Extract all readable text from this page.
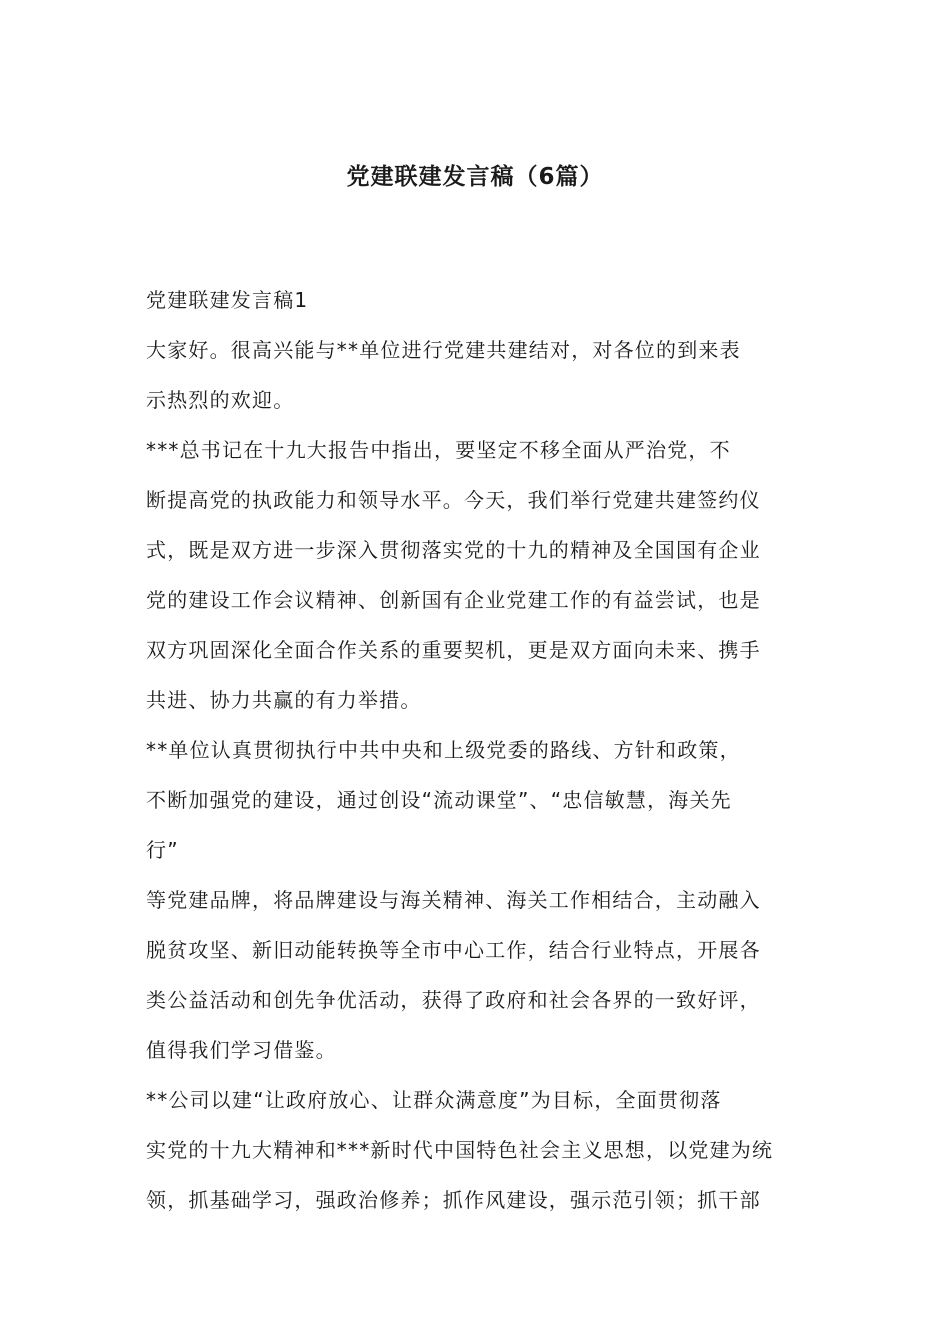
党建联建发言稿（6篇）

党建联建发言稿1

大家好。很高兴能与**单位进行党建共建结对，对各位的到来表

示热烈的欢迎。

***总书记在十九大报告中指出，要坚定不移全面从严治党，不

断提高党的执政能力和领导水平。今天，我们举行党建共建签约仪

式，既是双方进一步深入贯彻落实党的十九的精神及全国国有企业

党的建设工作会议精神、创新国有企业党建工作的有益尝试，也是

双方巩固深化全面合作关系的重要契机，更是双方面向未来、携手

共进、协力共赢的有力举措。

**单位认真贯彻执行中共中央和上级党委的路线、方针和政策，

不断加强党的建设，通过创设“流动课堂”、“忠信敏慧，海关先

行”

等党建品牌，将品牌建设与海关精神、海关工作相结合，主动融入

脱贫攻坚、新旧动能转换等全市中心工作，结合行业特点，开展各

类公益活动和创先争优活动，获得了政府和社会各界的一致好评，

值得我们学习借鉴。

**公司以建“让政府放心、让群众满意度”为目标，全面贯彻落

实党的十九大精神和***新时代中国特色社会主义思想，以党建为统

领，抓基础学习，强政治修养；抓作风建设，强示范引领；抓干部
